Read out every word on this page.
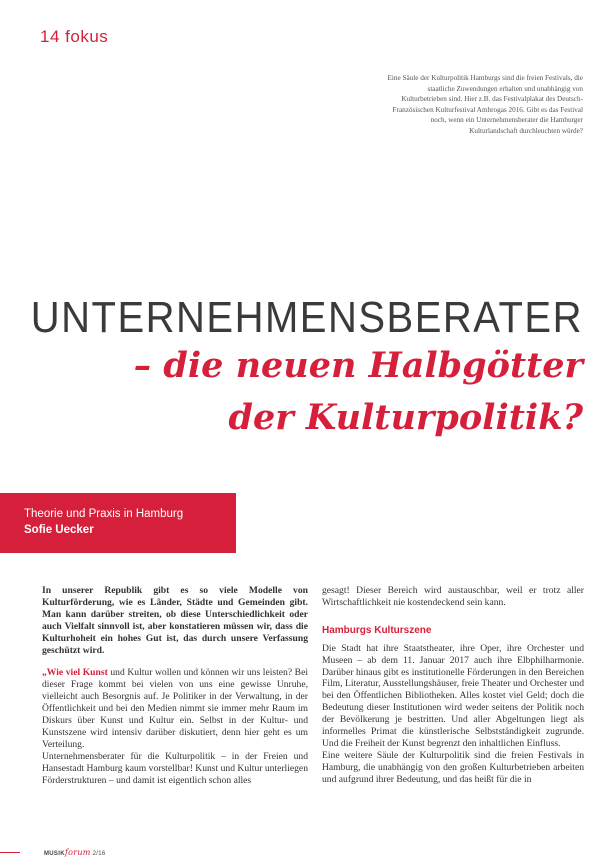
14 fokus
Eine Säule der Kulturpolitik Hamburgs sind die freien Festivals, die staatliche Zuwendungen erhalten und unabhängig von Kulturbetrieben sind. Hier z.B. das Festivalplakat des Deutsch-Französischen Kulturfestival Ambrogas 2016. Gibt es das Festival noch, wenn ein Unternehmensberater die Hamburger Kulturlandschaft durchleuchten würde?
UNTERNEHMENSBERATER
– die neuen Halbgötter
der Kulturpolitik?
Theorie und Praxis in Hamburg
Sofie Uecker

In unserer Republik gibt es so viele Modelle von Kulturförderung, wie es Länder, Städte und Gemeinden gibt. Man kann darüber streiten, ob diese Unterschiedlichkeit oder auch Vielfalt sinnvoll ist, aber konstatieren müssen wir, dass die Kulturhoheit ein hohes Gut ist, das durch unsere Verfassung geschützt wird.

„Wie viel Kunst und Kultur wollen und können wir uns leisten? Bei dieser Frage kommt bei vielen von uns eine gewisse Unruhe, vielleicht auch Besorgnis auf. Je Politiker in der Verwaltung, in der Öffentlichkeit und bei den Medien nimmt sie immer mehr Raum im Diskurs über Kunst und Kultur ein. Selbst in der Kultur- und Kunstszene wird intensiv darüber diskutiert, denn hier geht es um Verteilung.

Unternehmensberater für die Kulturpolitik – in der Freien und Hansestadt Hamburg kaum vorstellbar! Kunst und Kultur unterliegen Förderstrukturen – und damit ist eigentlich schon alles

gesagt! Dieser Bereich wird austauschbar, weil er trotz aller Wirtschaftlichkeit nie kostendeckend sein kann.

Hamburgs Kulturszene

Die Stadt hat ihre Staatstheater, ihre Oper, ihre Orchester und Museen – ab dem 11. Januar 2017 auch ihre Elbphilharmonie. Darüber hinaus gibt es institutionelle Förderungen in den Bereichen Film, Literatur, Ausstellungshäuser, freie Theater und Orchester und bei den Öffentlichen Bibliotheken. Alles kostet viel Geld; doch die Bedeutung dieser Institutionen wird weder seitens der Politik noch der Bevölkerung je bestritten. Und aller Abgeltungen liegt als informelles Primat die künstlerische Selbstständigkeit zugrunde. Und die Freiheit der Kunst begrenzt den inhaltlichen Einfluss.

Eine weitere Säule der Kulturpolitik sind die freien Festivals in Hamburg, die unabhängig von den großen Kulturbetrieben arbeiten und aufgrund ihrer Bedeutung, und das heißt für die in

MUSIKforum 2/16
